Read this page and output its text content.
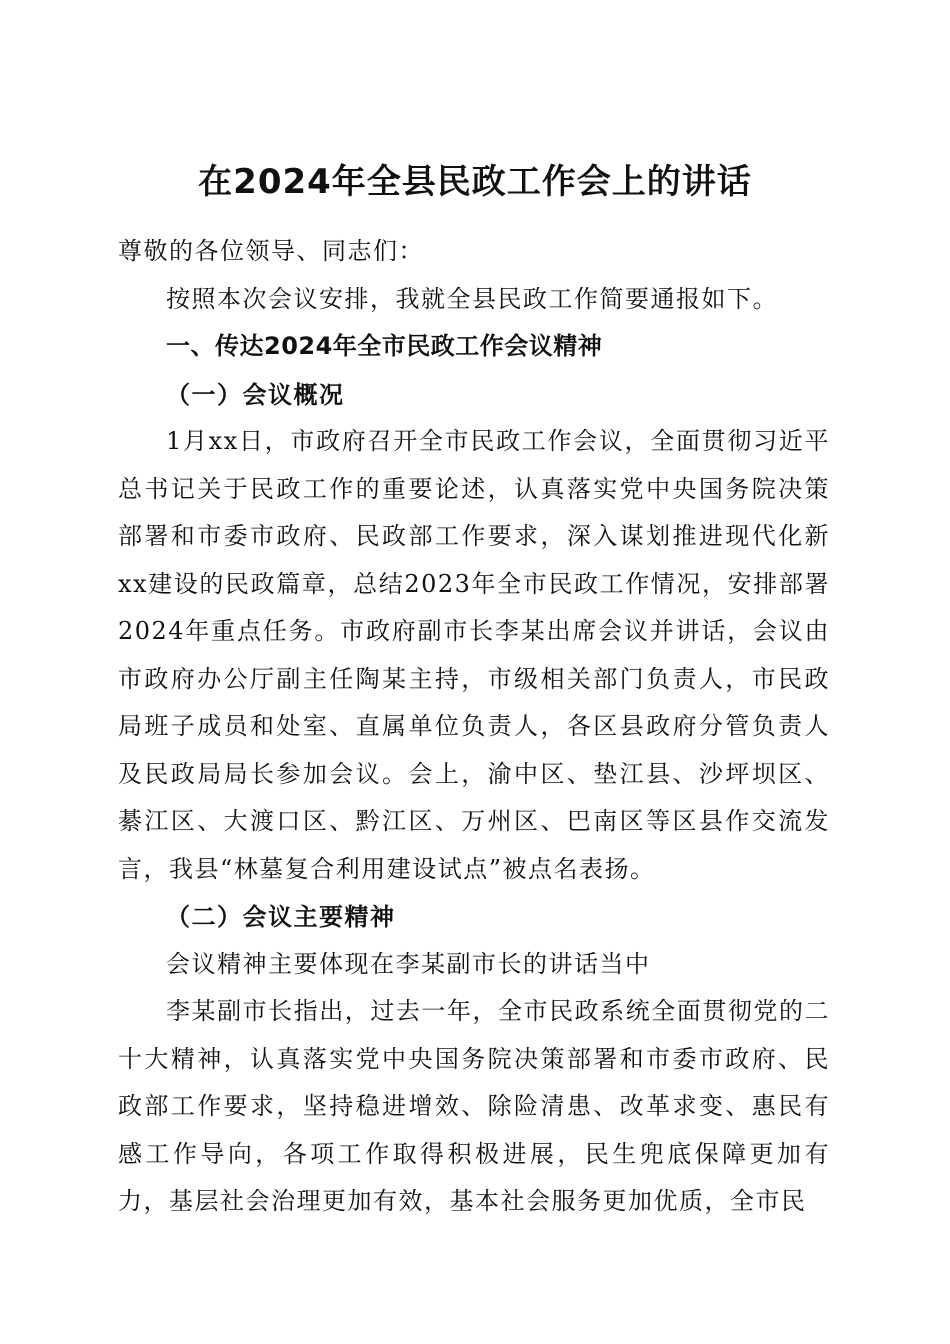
在2024年全县民政工作会上的讲话

尊敬的各位领导、同志们：

按照本次会议安排，我就全县民政工作简要通报如下。

一、传达2024年全市民政工作会议精神

（一）会议概况

1月xx日，市政府召开全市民政工作会议，全面贯彻习近平总书记关于民政工作的重要论述，认真落实党中央国务院决策部署和市委市政府、民政部工作要求，深入谋划推进现代化新xx建设的民政篇章，总结2023年全市民政工作情况，安排部署2024年重点任务。市政府副市长李某出席会议并讲话，会议由市政府办公厅副主任陶某主持，市级相关部门负责人，市民政局班子成员和处室、直属单位负责人，各区县政府分管负责人及民政局局长参加会议。会上，渝中区、垫江县、沙坪坝区、綦江区、大渡口区、黔江区、万州区、巴南区等区县作交流发言，我县“林墓复合利用建设试点”被点名表扬。

（二）会议主要精神

会议精神主要体现在李某副市长的讲话当中

李某副市长指出，过去一年，全市民政系统全面贯彻党的二十大精神，认真落实党中央国务院决策部署和市委市政府、民政部工作要求，坚持稳进增效、除险清患、改革求变、惠民有感工作导向，各项工作取得积极进展，民生兜底保障更加有力，基层社会治理更加有效，基本社会服务更加优质，全市民
